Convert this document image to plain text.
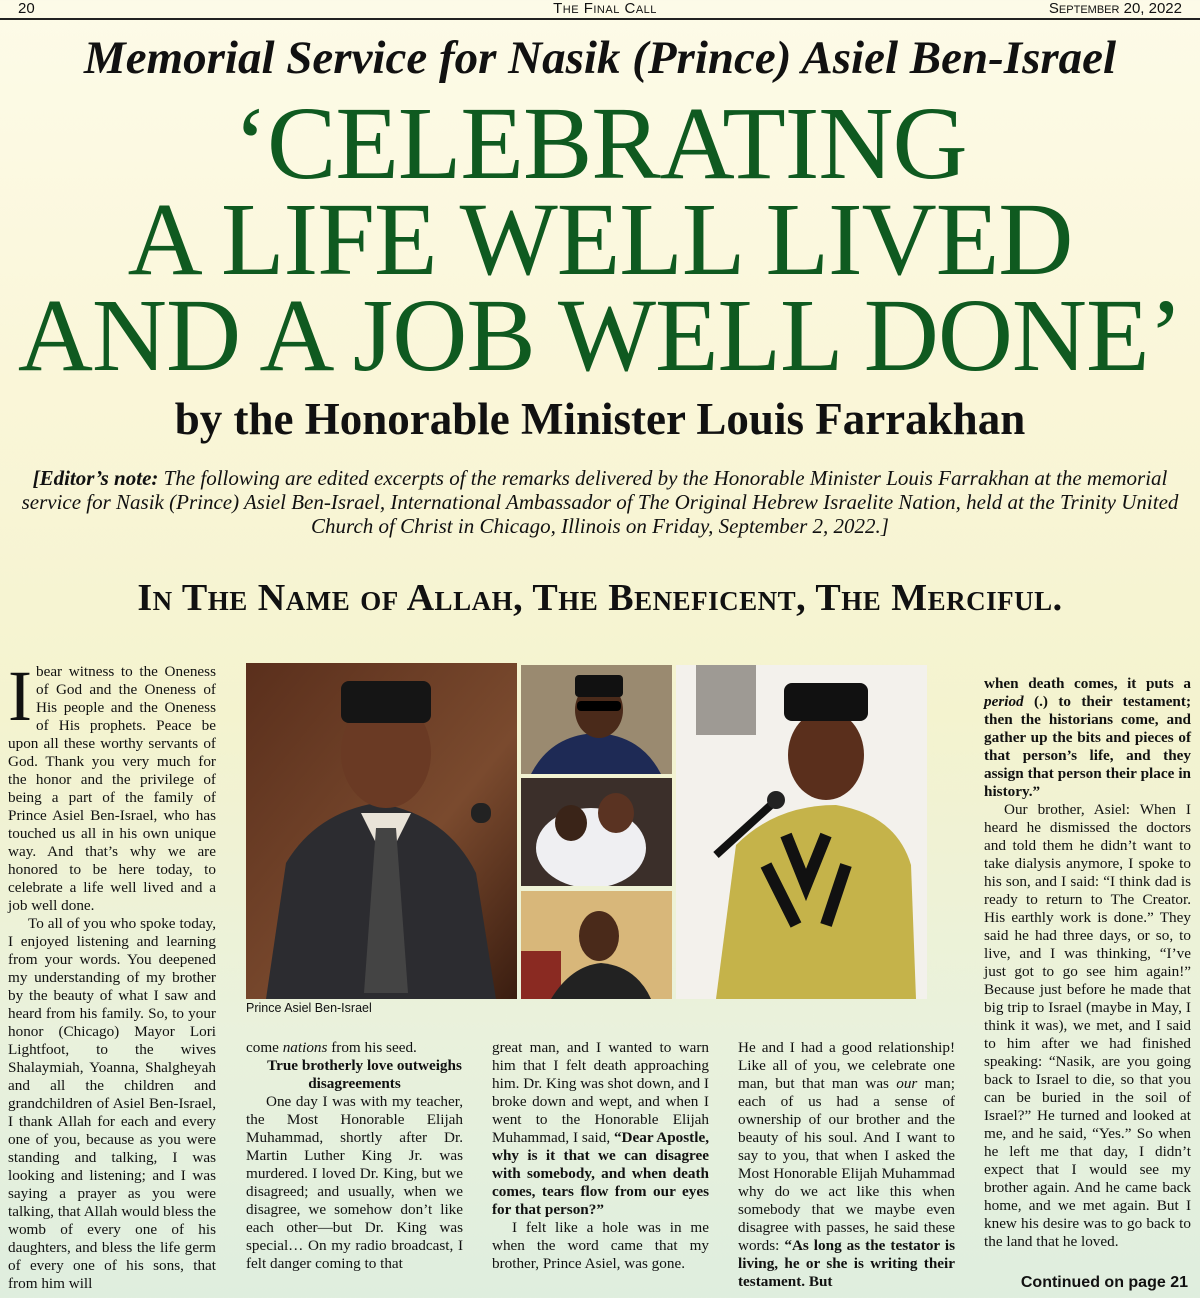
20	The Final Call	September 20, 2022
Memorial Service for Nasik (Prince) Asiel Ben-Israel
‘CELEBRATING
A LIFE WELL LIVED
AND A JOB WELL DONE’
by the Honorable Minister Louis Farrakhan
[Editor’s note: The following are edited excerpts of the remarks delivered by the Honorable Minister Louis Farrakhan at the memorial service for Nasik (Prince) Asiel Ben-Israel, International Ambassador of The Original Hebrew Israelite Nation, held at the Trinity United Church of Christ in Chicago, Illinois on Friday, September 2, 2022.]
In The Name of Allah, The Beneficent, The Merciful.

I bear witness to the Oneness of God and the Oneness of His people and the Oneness of His prophets. Peace be upon all these worthy servants of God. Thank you very much for the honor and the privilege of being a part of the family of Prince Asiel Ben-Israel, who has touched us all in his own unique way. And that’s why we are honored to be here today, to celebrate a life well lived and a job well done.

To all of you who spoke today, I enjoyed listening and learning from your words. You deepened my understanding of my brother by the beauty of what I saw and heard from his family. So, to your honor (Chicago) Mayor Lori Lightfoot, to the wives Shalaymiah, Yoanna, Shalgheyah and all the children and grandchildren of Asiel Ben-Israel, I thank Allah for each and every one of you, because as you were standing and talking, I was looking and listening; and I was saying a prayer as you were talking, that Allah would bless the womb of every one of his daughters, and bless the life germ of every one of his sons, that from him will

Prince Asiel Ben-Israel

come nations from his seed.

True brotherly love outweighs disagreements

One day I was with my teacher, the Most Honorable Elijah Muhammad, shortly after Dr. Martin Luther King Jr. was murdered. I loved Dr. King, but we disagreed; and usually, when we disagree, we somehow don’t like each other—but Dr. King was special… On my radio broadcast, I felt danger coming to that

great man, and I wanted to warn him that I felt death approaching him. Dr. King was shot down, and I broke down and wept, and when I went to the Honorable Elijah Muhammad, I said, “Dear Apostle, why is it that we can disagree with somebody, and when death comes, tears flow from our eyes for that person?”

I felt like a hole was in me when the word came that my brother, Prince Asiel, was gone.

He and I had a good relationship! Like all of you, we celebrate one man, but that man was our man; each of us had a sense of ownership of our brother and the beauty of his soul. And I want to say to you, that when I asked the Most Honorable Elijah Muhammad why do we act like this when somebody that we maybe even disagree with passes, he said these words: “As long as the testator is living, he or she is writing their testament. But

when death comes, it puts a period (.) to their testament; then the historians come, and gather up the bits and pieces of that person’s life, and they assign that person their place in history.”

Our brother, Asiel: When I heard he dismissed the doctors and told them he didn’t want to take dialysis anymore, I spoke to his son, and I said: “I think dad is ready to return to The Creator. His earthly work is done.” They said he had three days, or so, to live, and I was thinking, “I’ve just got to go see him again!” Because just before he made that big trip to Israel (maybe in May, I think it was), we met, and I said to him after we had finished speaking: “Nasik, are you going back to Israel to die, so that you can be buried in the soil of Israel?” He turned and looked at me, and he said, “Yes.” So when he left me that day, I didn’t expect that I would see my brother again. And he came back home, and we met again. But I knew his desire was to go back to the land that he loved.

Continued on page 21
